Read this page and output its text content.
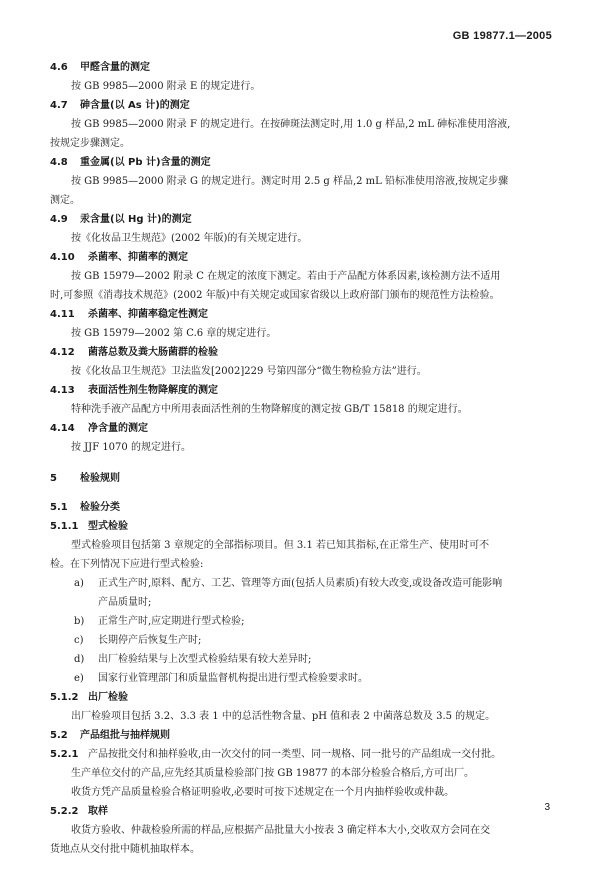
GB 19877.1—2005
4.6 甲醛含量的测定
按 GB 9985—2000 附录 E 的规定进行。
4.7 砷含量(以 As 计)的测定
按 GB 9985—2000 附录 F 的规定进行。在按砷斑法测定时,用 1.0 g 样品,2 mL 砷标准使用溶液,
按规定步骤测定。
4.8 重金属(以 Pb 计)含量的测定
按 GB 9985—2000 附录 G 的规定进行。测定时用 2.5 g 样品,2 mL 铅标准使用溶液,按规定步骤
测定。
4.9 汞含量(以 Hg 计)的测定
按《化妆品卫生规范》(2002 年版)的有关规定进行。
4.10 杀菌率、抑菌率的测定
按 GB 15979—2002 附录 C 在规定的浓度下测定。若由于产品配方体系因素,该检测方法不适用
时,可参照《消毒技术规范》(2002 年版)中有关规定或国家省级以上政府部门颁布的规范性方法检验。
4.11 杀菌率、抑菌率稳定性测定
按 GB 15979—2002 第 C.6 章的规定进行。
4.12 菌落总数及粪大肠菌群的检验
按《化妆品卫生规范》卫法监发[2002]229 号第四部分“微生物检验方法”进行。
4.13 表面活性剂生物降解度的测定
特种洗手液产品配方中所用表面活性剂的生物降解度的测定按 GB/T 15818 的规定进行。
4.14 净含量的测定
按 JJF 1070 的规定进行。
5 检验规则
5.1 检验分类
5.1.1 型式检验
型式检验项目包括第 3 章规定的全部指标项目。但 3.1 若已知其指标,在正常生产、使用时可不
检。在下列情况下应进行型式检验:
a) 正式生产时,原料、配方、工艺、管理等方面(包括人员素质)有较大改变,或设备改造可能影响
产品质量时;
b) 正常生产时,应定期进行型式检验;
c) 长期停产后恢复生产时;
d) 出厂检验结果与上次型式检验结果有较大差异时;
e) 国家行业管理部门和质量监督机构提出进行型式检验要求时。
5.1.2 出厂检验
出厂检验项目包括 3.2、3.3 表 1 中的总活性物含量、pH 值和表 2 中菌落总数及 3.5 的规定。
5.2 产品组批与抽样规则
5.2.1 产品按批交付和抽样验收,由一次交付的同一类型、同一规格、同一批号的产品组成一交付批。
生产单位交付的产品,应先经其质量检验部门按 GB 19877 的本部分检验合格后,方可出厂。
收货方凭产品质量检验合格证明验收,必要时可按下述规定在一个月内抽样验收或仲裁。
5.2.2 取样
收货方验收、仲裁检验所需的样品,应根据产品批量大小按表 3 确定样本大小,交收双方会同在交
货地点从交付批中随机抽取样本。
3
